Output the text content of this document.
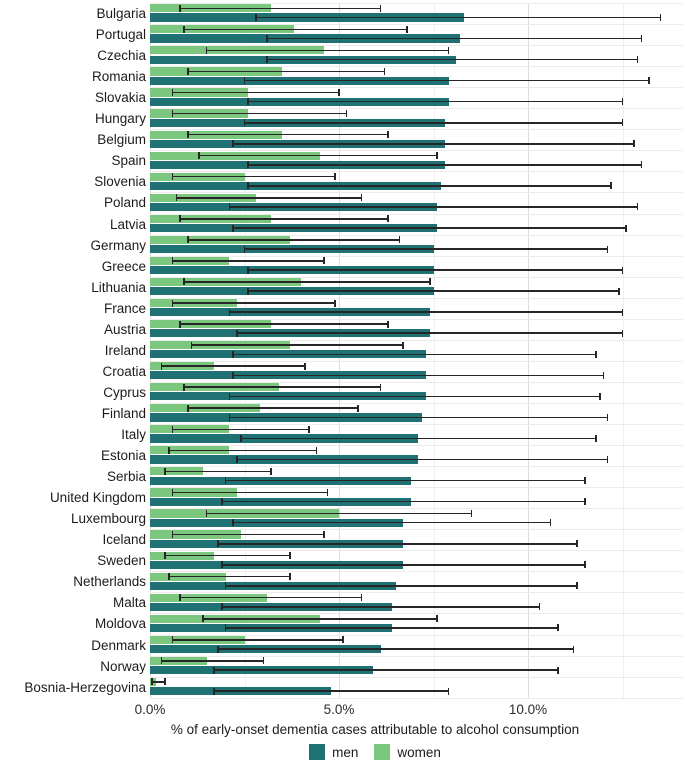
Bulgaria
Portugal
Czechia
Romania
Slovakia
Hungary
Belgium
Spain
Slovenia
Poland
Latvia
Germany
Greece
Lithuania
France
Austria
Ireland
Croatia
Cyprus
Finland
Italy
Estonia
Serbia
United Kingdom
Luxembourg
Iceland
Sweden
Netherlands
Malta
Moldova
Denmark
Norway
Bosnia-Herzegovina
0.0%	5.0%	10.0%
% of early-onset dementia cases attributable to alcohol consumption
men	women
